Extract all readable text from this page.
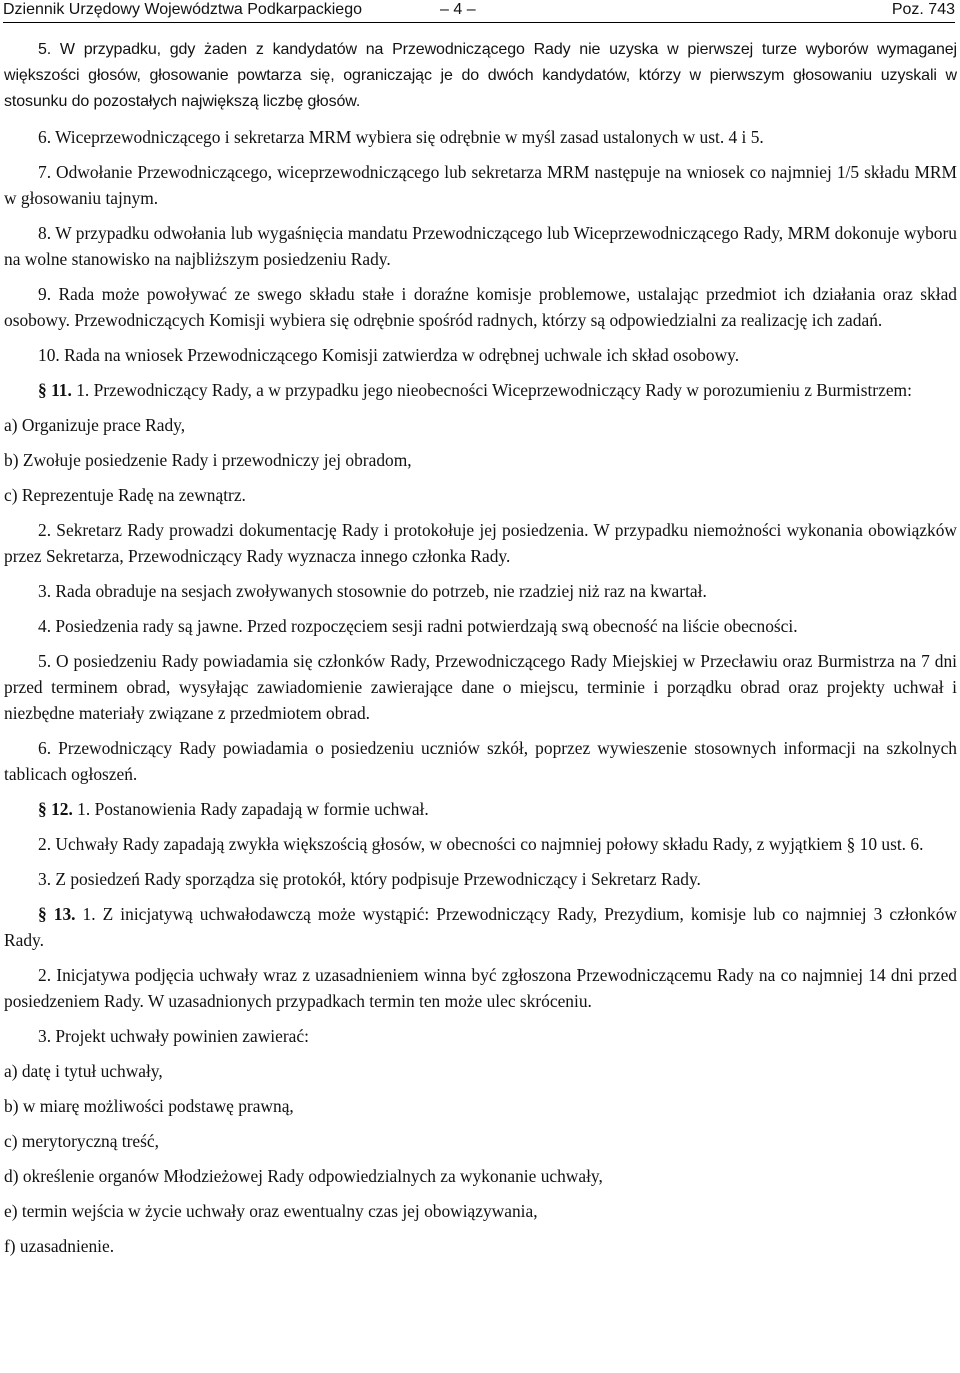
Dziennik Urzędowy Województwa Podkarpackiego	– 4 –	Poz. 743

5. W przypadku, gdy żaden z kandydatów na Przewodniczącego Rady nie uzyska w pierwszej turze wyborów wymaganej większości głosów, głosowanie powtarza się, ograniczając je do dwóch kandydatów, którzy w pierwszym głosowaniu uzyskali w stosunku do pozostałych największą liczbę głosów.

6. Wiceprzewodniczącego i sekretarza MRM wybiera się odrębnie w myśl zasad ustalonych w ust. 4 i 5.

7. Odwołanie Przewodniczącego, wiceprzewodniczącego lub sekretarza MRM następuje na wniosek co najmniej 1/5 składu MRM w głosowaniu tajnym.

8. W przypadku odwołania lub wygaśnięcia mandatu Przewodniczącego lub Wiceprzewodniczącego Rady, MRM dokonuje wyboru na wolne stanowisko na najbliższym posiedzeniu Rady.

9. Rada może powoływać ze swego składu stałe i doraźne komisje problemowe, ustalając przedmiot ich działania oraz skład osobowy. Przewodniczących Komisji wybiera się odrębnie spośród radnych, którzy są odpowiedzialni za realizację ich zadań.

10. Rada na wniosek Przewodniczącego Komisji zatwierdza w odrębnej uchwale ich skład osobowy.

§ 11. 1. Przewodniczący Rady, a w przypadku jego nieobecności Wiceprzewodniczący Rady w porozumieniu z Burmistrzem:

a) Organizuje prace Rady,

b) Zwołuje posiedzenie Rady i przewodniczy jej obradom,

c) Reprezentuje Radę na zewnątrz.

2. Sekretarz Rady prowadzi dokumentację Rady i protokołuje jej posiedzenia. W przypadku niemożności wykonania obowiązków przez Sekretarza, Przewodniczący Rady wyznacza innego członka Rady.

3. Rada obraduje na sesjach zwoływanych stosownie do potrzeb, nie rzadziej niż raz na kwartał.

4. Posiedzenia rady są jawne. Przed rozpoczęciem sesji radni potwierdzają swą obecność na liście obecności.

5. O posiedzeniu Rady powiadamia się członków Rady, Przewodniczącego Rady Miejskiej w Przecławiu oraz Burmistrza na 7 dni przed terminem obrad, wysyłając zawiadomienie zawierające dane o miejscu, terminie i porządku obrad oraz projekty uchwał i niezbędne materiały związane z przedmiotem obrad.

6. Przewodniczący Rady powiadamia o posiedzeniu uczniów szkół, poprzez wywieszenie stosownych informacji na szkolnych tablicach ogłoszeń.

§ 12. 1. Postanowienia Rady zapadają w formie uchwał.

2. Uchwały Rady zapadają zwykła większością głosów, w obecności co najmniej połowy składu Rady, z wyjątkiem § 10 ust. 6.

3. Z posiedzeń Rady sporządza się protokół, który podpisuje Przewodniczący i Sekretarz Rady.

§ 13. 1. Z inicjatywą uchwałodawczą może wystąpić: Przewodniczący Rady, Prezydium, komisje lub co najmniej 3 członków Rady.

2. Inicjatywa podjęcia uchwały wraz z uzasadnieniem winna być zgłoszona Przewodniczącemu Rady na co najmniej 14 dni przed posiedzeniem Rady. W uzasadnionych przypadkach termin ten może ulec skróceniu.

3. Projekt uchwały powinien zawierać:

a) datę i tytuł uchwały,

b) w miarę możliwości podstawę prawną,

c) merytoryczną treść,

d) określenie organów Młodzieżowej Rady odpowiedzialnych za wykonanie uchwały,

e) termin wejścia w życie uchwały oraz ewentualny czas jej obowiązywania,

f) uzasadnienie.
